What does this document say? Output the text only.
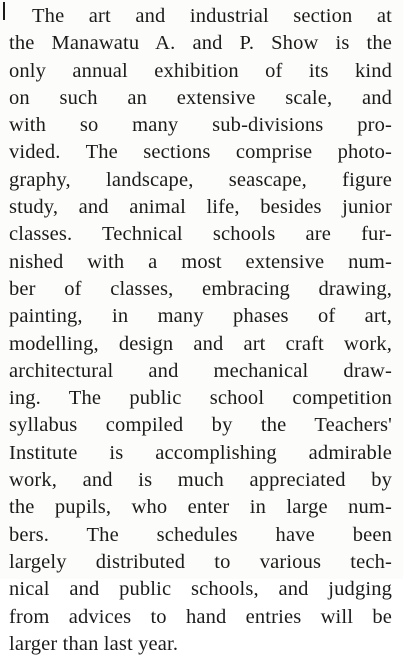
The art and industrial section at
the Manawatu A. and P. Show is the
only annual exhibition of its kind
on such an extensive scale, and
with so many sub-divisions pro-
vided. The sections comprise photo-
graphy, landscape, seascape, figure
study, and animal life, besides junior
classes. Technical schools are fur-
nished with a most extensive num-
ber of classes, embracing drawing,
painting, in many phases of art,
modelling, design and art craft work,
architectural and mechanical draw-
ing. The public school competition
syllabus compiled by the Teachers'
Institute is accomplishing admirable
work, and is much appreciated by
the pupils, who enter in large num-
bers. The schedules have been
largely distributed to various tech-
nical and public schools, and judging
from advices to hand entries will be
larger than last year.
